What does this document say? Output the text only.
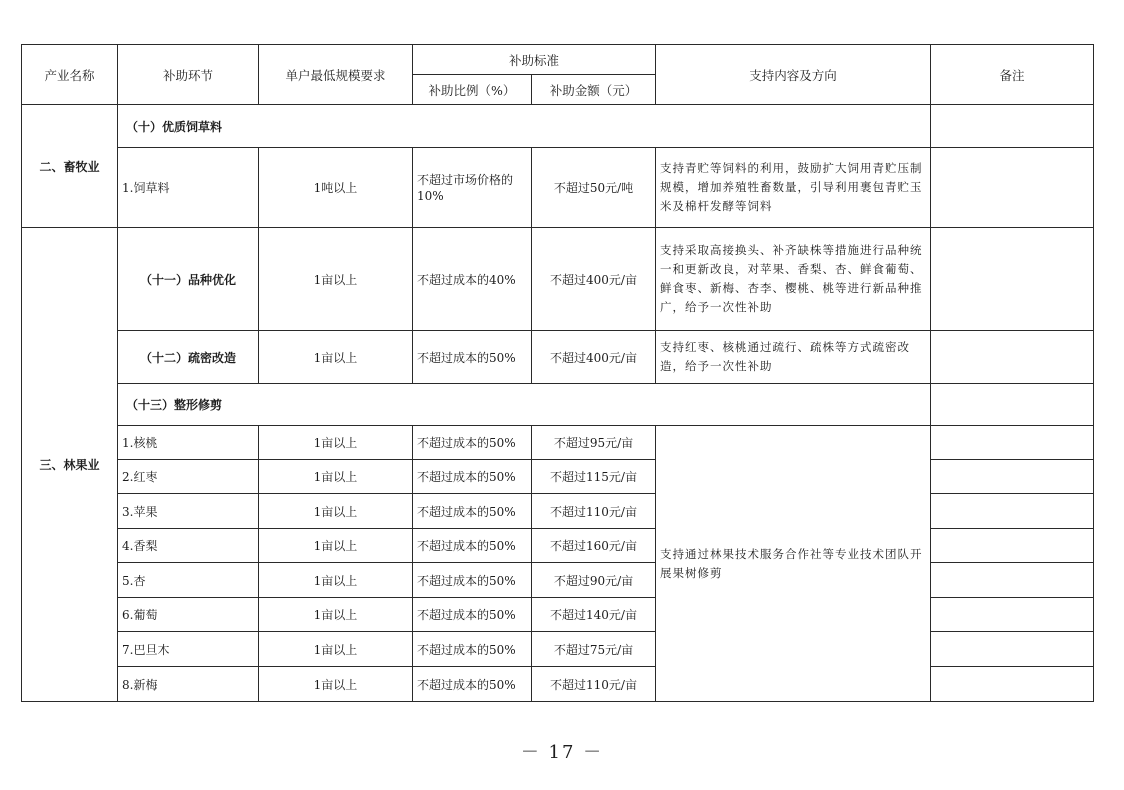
产业名称	补助环节	单户最低规模要求	补助标准		支持内容及方向	备注
			补助比例（%）	补助金额（元）		
二、畜牧业	（十）优质饲草料					
	1.饲草料	1吨以上	不超过市场价格的10%	不超过50元/吨	支持青贮等饲料的利用，鼓励扩大饲用青贮压制规模，增加养殖牲畜数量，引导利用裹包青贮玉米及棉杆发酵等饲料	
三、林果业	（十一）品种优化	1亩以上	不超过成本的40%	不超过400元/亩	支持采取高接换头、补齐缺株等措施进行品种统一和更新改良，对苹果、香梨、杏、鲜食葡萄、鲜食枣、新梅、杏李、樱桃、桃等进行新品种推广，给予一次性补助	
	（十二）疏密改造	1亩以上	不超过成本的50%	不超过400元/亩	支持红枣、核桃通过疏行、疏株等方式疏密改造，给予一次性补助	
	（十三）整形修剪					
	1.核桃	1亩以上	不超过成本的50%	不超过95元/亩	支持通过林果技术服务合作社等专业技术团队开展果树修剪	
	2.红枣	1亩以上	不超过成本的50%	不超过115元/亩		
	3.苹果	1亩以上	不超过成本的50%	不超过110元/亩		
	4.香梨	1亩以上	不超过成本的50%	不超过160元/亩		
	5.杏	1亩以上	不超过成本的50%	不超过90元/亩		
	6.葡萄	1亩以上	不超过成本的50%	不超过140元/亩		
	7.巴旦木	1亩以上	不超过成本的50%	不超过75元/亩		
	8.新梅	1亩以上	不超过成本的50%	不超过110元/亩		
－ 17 －
